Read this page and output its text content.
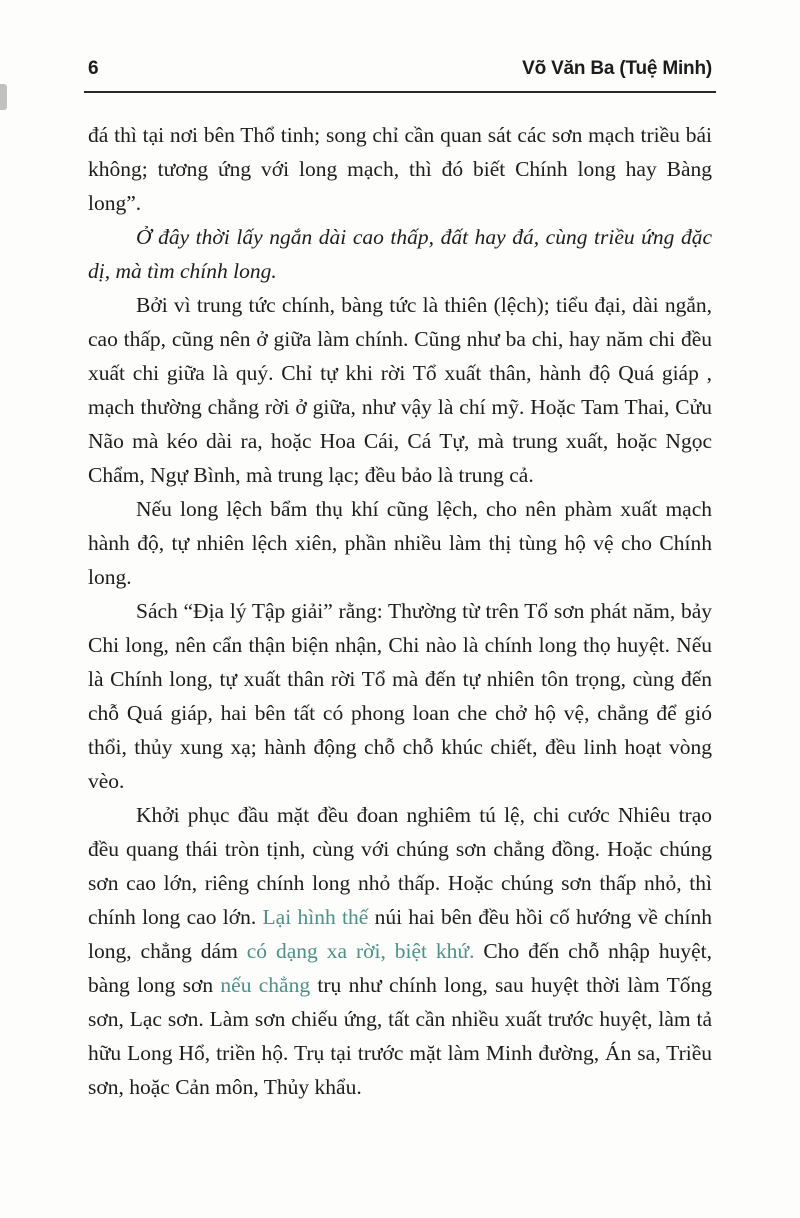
6	Võ Văn Ba (Tuệ Minh)

đá thì tại nơi bên Thổ tinh; song chỉ cần quan sát các sơn mạch triều bái không; tương ứng với long mạch, thì đó biết Chính long hay Bàng long”.

Ở đây thời lấy ngắn dài cao thấp, đất hay đá, cùng triều ứng đặc dị, mà tìm chính long.

Bởi vì trung tức chính, bàng tức là thiên (lệch); tiểu đại, dài ngắn, cao thấp, cũng nên ở giữa làm chính. Cũng như ba chi, hay năm chi đều xuất chi giữa là quý. Chỉ tự khi rời Tổ xuất thân, hành độ Quá giáp , mạch thường chẳng rời ở giữa, như vậy là chí mỹ. Hoặc Tam Thai, Cửu Não mà kéo dài ra, hoặc Hoa Cái, Cá Tự, mà trung xuất, hoặc Ngọc Chẩm, Ngự Bình, mà trung lạc; đều bảo là trung cả.

Nếu long lệch bẩm thụ khí cũng lệch, cho nên phàm xuất mạch hành độ, tự nhiên lệch xiên, phần nhiều làm thị tùng hộ vệ cho Chính long.

Sách “Địa lý Tập giải” rằng: Thường từ trên Tổ sơn phát năm, bảy Chi long, nên cẩn thận biện nhận, Chi nào là chính long thọ huyệt. Nếu là Chính long, tự xuất thân rời Tổ mà đến tự nhiên tôn trọng, cùng đến chỗ Quá giáp, hai bên tất có phong loan che chở hộ vệ, chẳng để gió thổi, thủy xung xạ; hành động chỗ chỗ khúc chiết, đều linh hoạt vòng vèo.

Khởi phục đầu mặt đều đoan nghiêm tú lệ, chi cước Nhiêu trạo đều quang thái tròn tịnh, cùng với chúng sơn chẳng đồng. Hoặc chúng sơn cao lớn, riêng chính long nhỏ thấp. Hoặc chúng sơn thấp nhỏ, thì chính long cao lớn. Lại hình thế núi hai bên đều hồi cố hướng về chính long, chẳng dám có dạng xa rời, biệt khứ. Cho đến chỗ nhập huyệt, bàng long sơn nếu chẳng trụ như chính long, sau huyệt thời làm Tống sơn, Lạc sơn. Làm sơn chiếu ứng, tất cần nhiều xuất trước huyệt, làm tả hữu Long Hổ, triền hộ. Trụ tại trước mặt làm Minh đường, Án sa, Triều sơn, hoặc Cản môn, Thủy khẩu.
